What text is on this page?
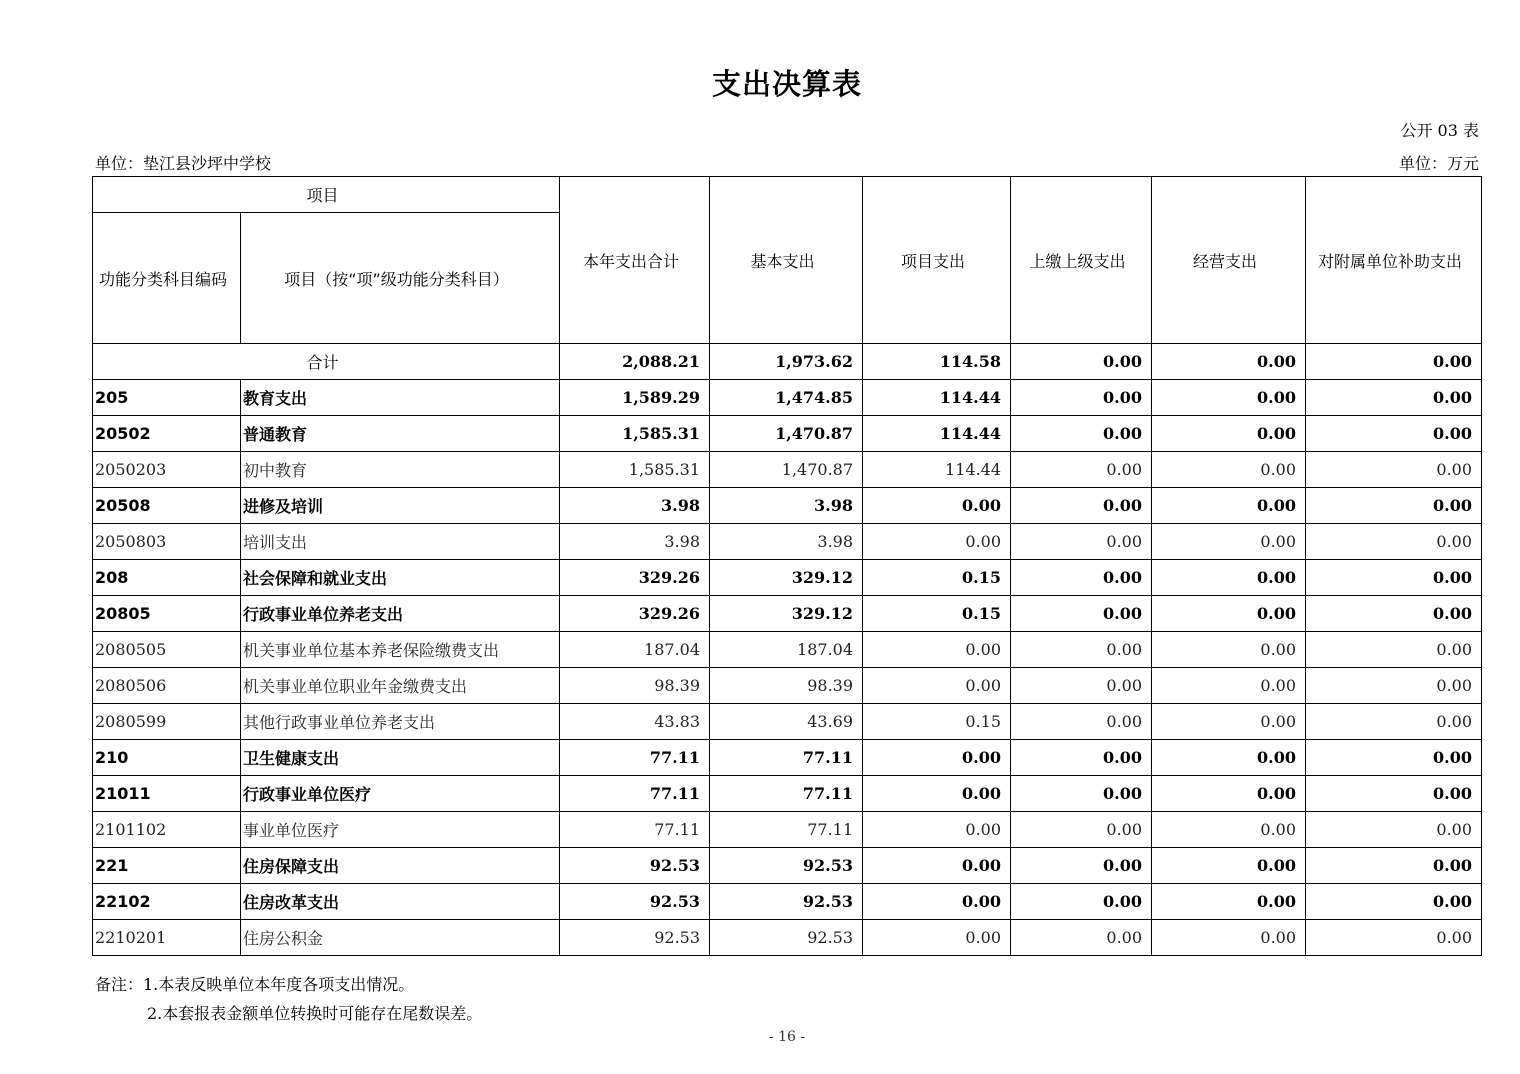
支出决算表
公开 03 表
单位：垫江县沙坪中学校	单位：万元
项目		本年支出合计	基本支出	项目支出	上缴上级支出	经营支出	对附属单位补助支出
功能分类科目编码	项目（按“项”级功能分类科目）						
合计		2,088.21	1,973.62	114.58	0.00	0.00	0.00
205	教育支出	1,589.29	1,474.85	114.44	0.00	0.00	0.00
20502	普通教育	1,585.31	1,470.87	114.44	0.00	0.00	0.00
2050203	初中教育	1,585.31	1,470.87	114.44	0.00	0.00	0.00
20508	进修及培训	3.98	3.98	0.00	0.00	0.00	0.00
2050803	培训支出	3.98	3.98	0.00	0.00	0.00	0.00
208	社会保障和就业支出	329.26	329.12	0.15	0.00	0.00	0.00
20805	行政事业单位养老支出	329.26	329.12	0.15	0.00	0.00	0.00
2080505	机关事业单位基本养老保险缴费支出	187.04	187.04	0.00	0.00	0.00	0.00
2080506	机关事业单位职业年金缴费支出	98.39	98.39	0.00	0.00	0.00	0.00
2080599	其他行政事业单位养老支出	43.83	43.69	0.15	0.00	0.00	0.00
210	卫生健康支出	77.11	77.11	0.00	0.00	0.00	0.00
21011	行政事业单位医疗	77.11	77.11	0.00	0.00	0.00	0.00
2101102	事业单位医疗	77.11	77.11	0.00	0.00	0.00	0.00
221	住房保障支出	92.53	92.53	0.00	0.00	0.00	0.00
22102	住房改革支出	92.53	92.53	0.00	0.00	0.00	0.00
2210201	住房公积金	92.53	92.53	0.00	0.00	0.00	0.00
备注：1.本表反映单位本年度各项支出情况。
2.本套报表金额单位转换时可能存在尾数误差。
- 16 -
